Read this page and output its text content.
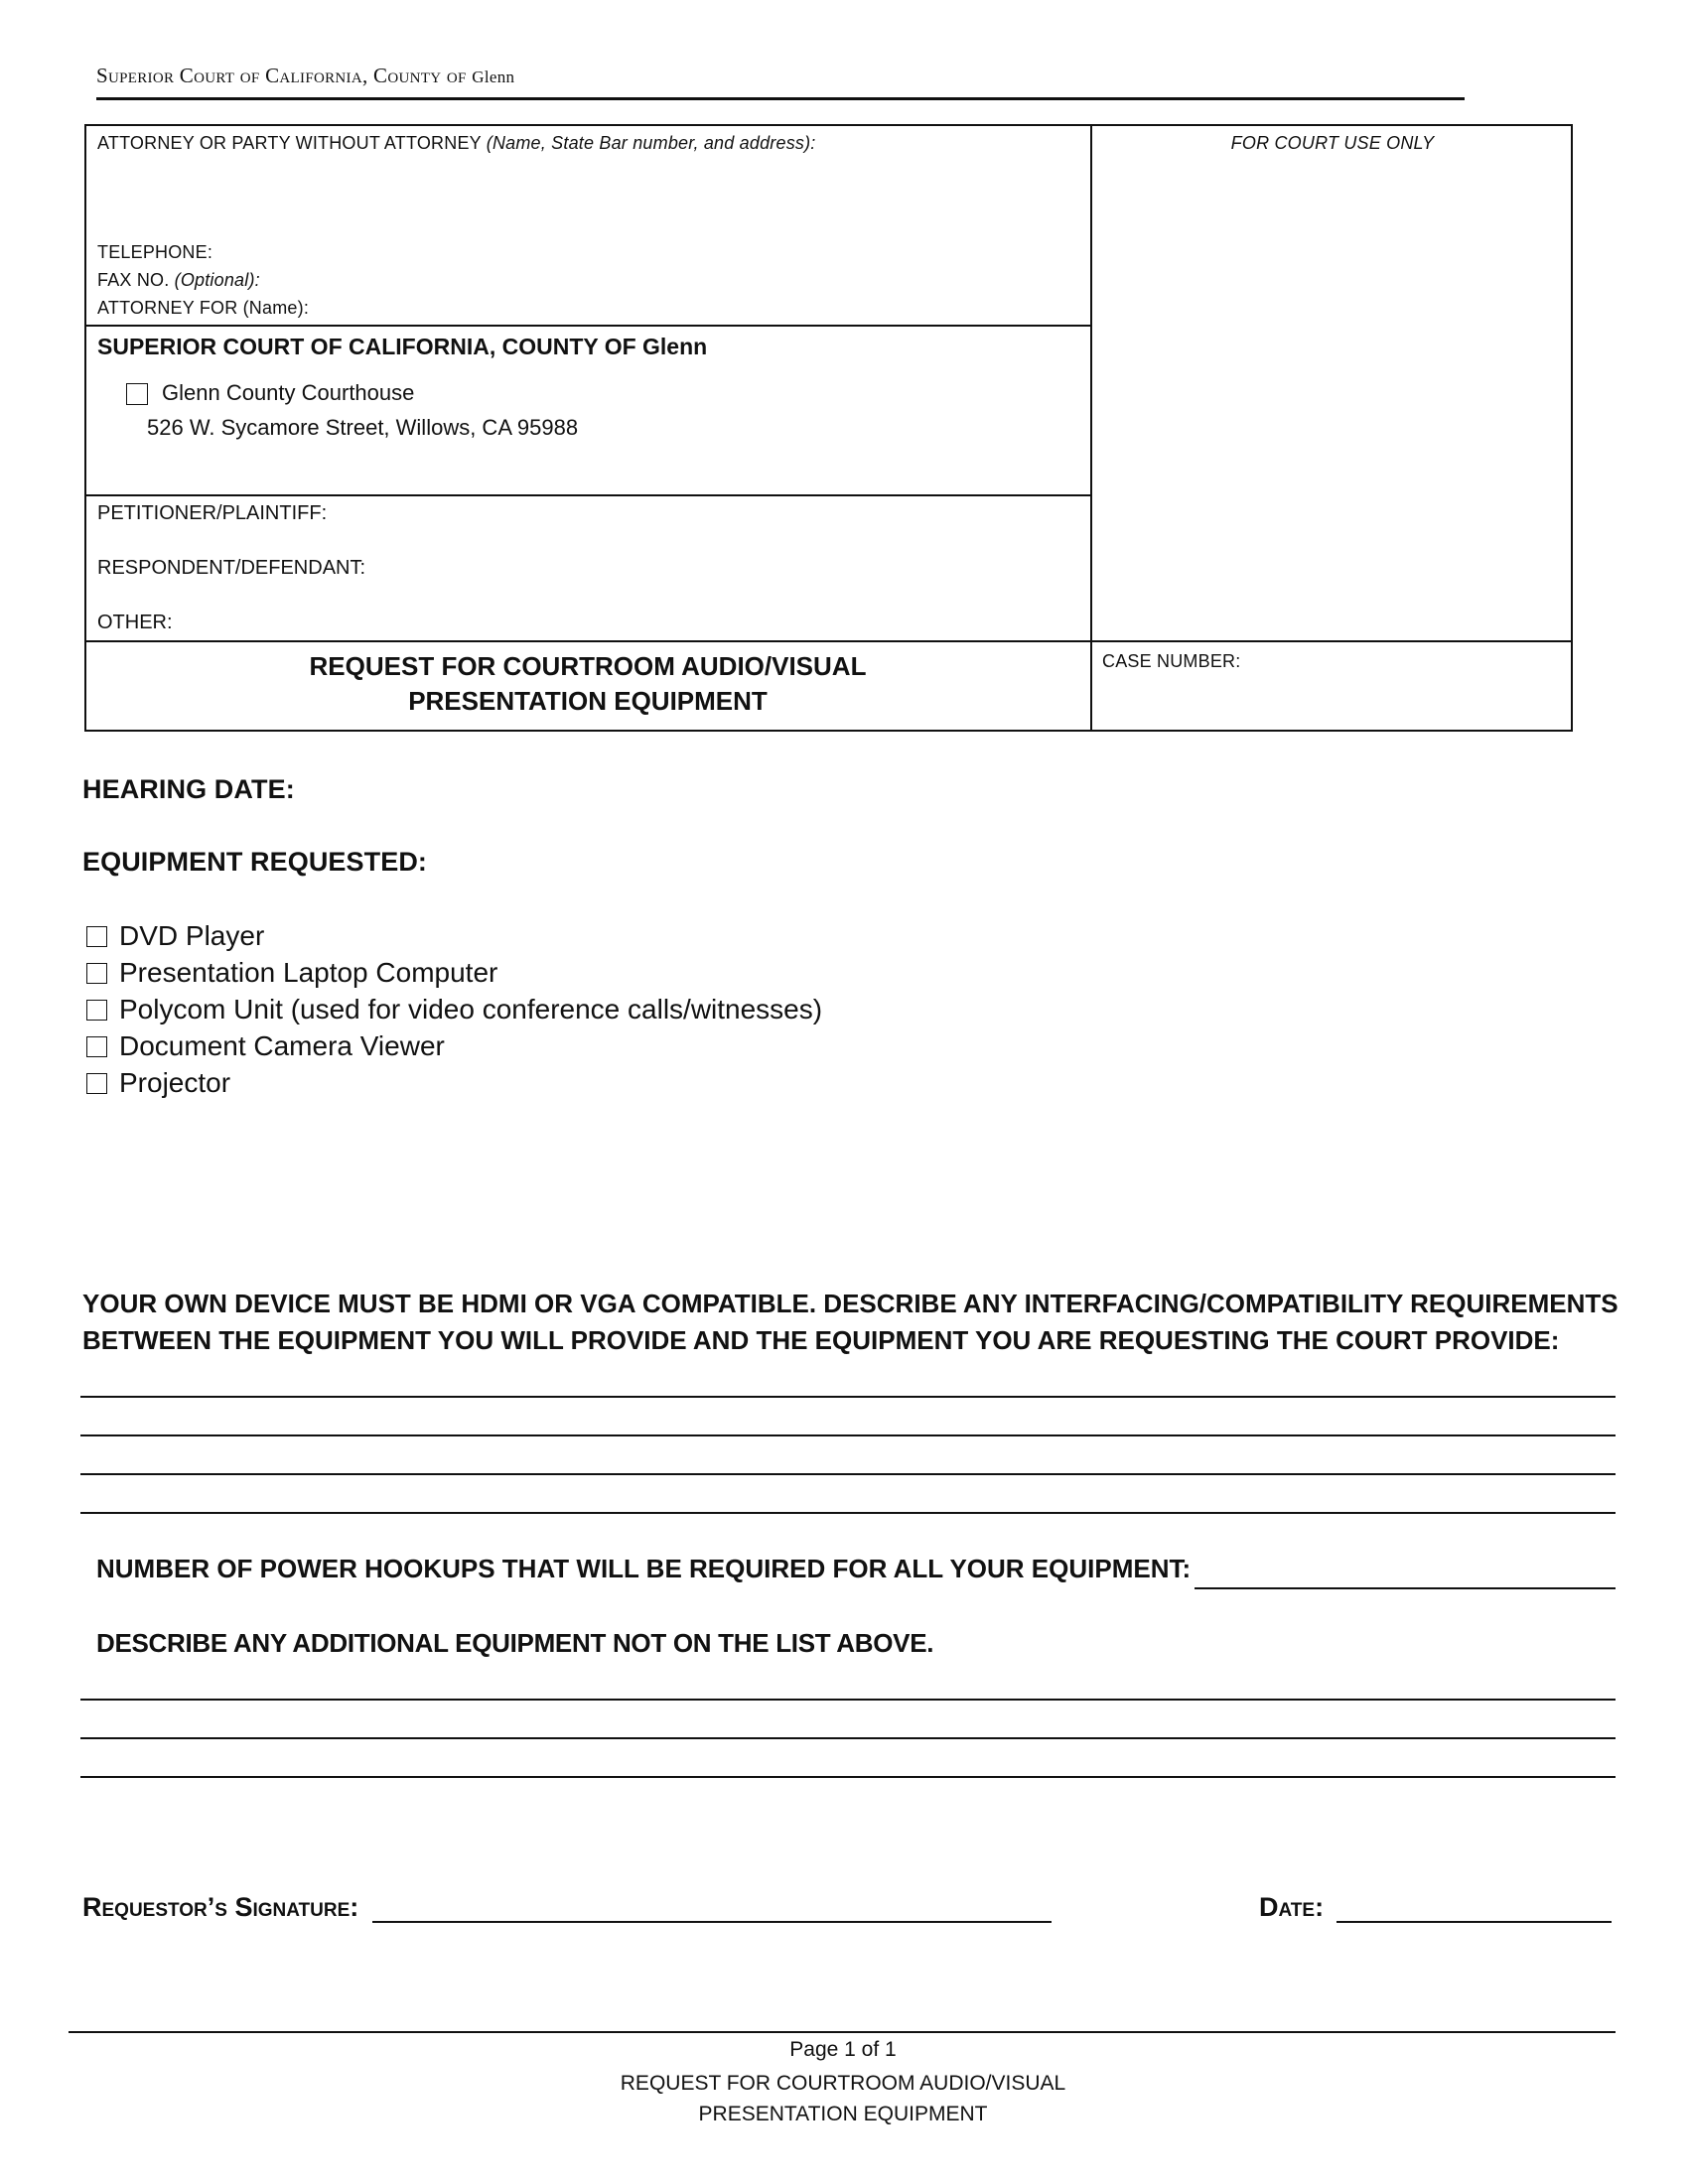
Superior Court of California, County of Glenn
ATTORNEY OR PARTY WITHOUT ATTORNEY (Name, State Bar number, and address):
TELEPHONE:
FAX NO. (Optional):
ATTORNEY FOR (Name):
FOR COURT USE ONLY
SUPERIOR COURT OF CALIFORNIA, COUNTY OF Glenn
Glenn County Courthouse
526 W. Sycamore Street, Willows, CA 95988
PETITIONER/PLAINTIFF:
RESPONDENT/DEFENDANT:
OTHER:
REQUEST FOR COURTROOM AUDIO/VISUAL
PRESENTATION EQUIPMENT
CASE NUMBER:
HEARING DATE:
EQUIPMENT REQUESTED:
DVD Player
Presentation Laptop Computer
Polycom Unit (used for video conference calls/witnesses)
Document Camera Viewer
Projector
YOUR OWN DEVICE MUST BE HDMI OR VGA COMPATIBLE. DESCRIBE ANY INTERFACING/COMPATIBILITY REQUIREMENTS
BETWEEN THE EQUIPMENT YOU WILL PROVIDE AND THE EQUIPMENT YOU ARE REQUESTING THE COURT PROVIDE:
NUMBER OF POWER HOOKUPS THAT WILL BE REQUIRED FOR ALL YOUR EQUIPMENT:
DESCRIBE ANY ADDITIONAL EQUIPMENT NOT ON THE LIST ABOVE.
Requestor’s Signature:	Date:
Page 1 of 1
REQUEST FOR COURTROOM AUDIO/VISUAL
PRESENTATION EQUIPMENT
